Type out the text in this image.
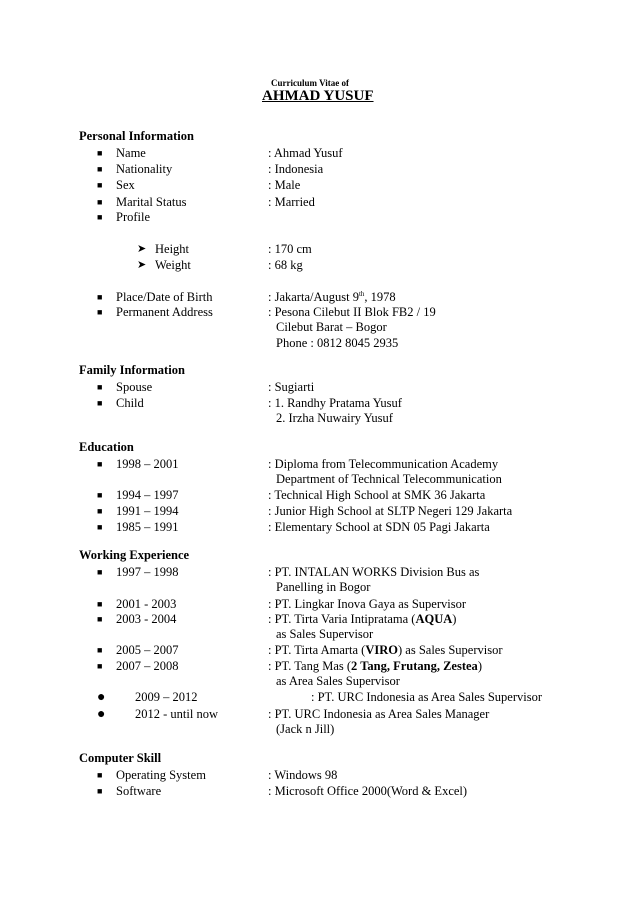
Curriculum Vitae of
AHMAD YUSUF
Personal Information
■ Name	: Ahmad Yusuf
■ Nationality	: Indonesia
■ Sex	: Male
■ Marital Status	: Married
■ Profile
➤ Height	: 170 cm
➤ Weight	: 68 kg
■ Place/Date of Birth	: Jakarta/August 9th, 1978
■ Permanent Address	: Pesona Cilebut II Blok FB2 / 19
Cilebut Barat – Bogor
Phone : 0812 8045 2935
Family Information
■ Spouse	: Sugiarti
■ Child	: 1. Randhy Pratama Yusuf
2. Irzha Nuwairy Yusuf
Education
■ 1998 – 2001	: Diploma from Telecommunication Academy
Department of Technical Telecommunication
■ 1994 – 1997	: Technical High School at SMK 36 Jakarta
■ 1991 – 1994	: Junior High School at SLTP Negeri 129 Jakarta
■ 1985 – 1991	: Elementary School at SDN 05 Pagi Jakarta
Working Experience
■ 1997 – 1998	: PT. INTALAN WORKS Division Bus as
Panelling in Bogor
■ 2001 - 2003	: PT. Lingkar Inova Gaya as Supervisor
■ 2003 - 2004	: PT. Tirta Varia Intipratama (AQUA)
as Sales Supervisor
■ 2005 – 2007	: PT. Tirta Amarta (VIRO) as Sales Supervisor
■ 2007 – 2008	: PT. Tang Mas (2 Tang, Frutang, Zestea)
as Area Sales Supervisor
● 2009 – 2012	: PT. URC Indonesia as Area Sales Supervisor
● 2012 - until now	: PT. URC Indonesia as Area Sales Manager
(Jack n Jill)
Computer Skill
■ Operating System	: Windows 98
■ Software	: Microsoft Office 2000(Word & Excel)
